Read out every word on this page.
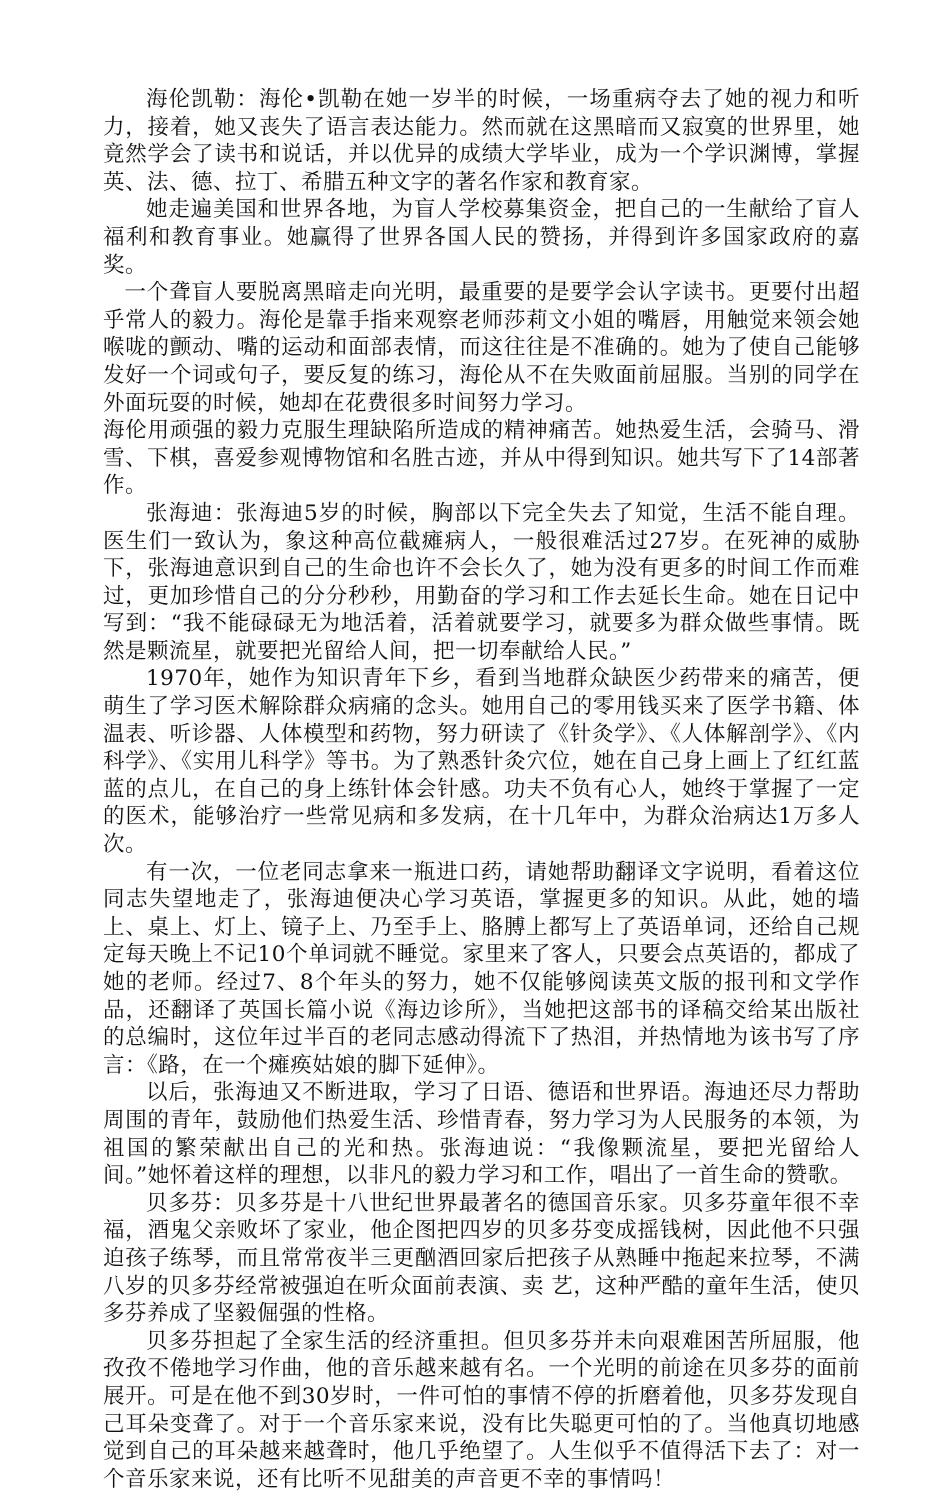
海伦凯勒：海伦•凯勒在她一岁半的时候，一场重病夺去了她的视力和听力，接着，她又丧失了语言表达能力。然而就在这黑暗而又寂寞的世界里，她竟然学会了读书和说话，并以优异的成绩大学毕业，成为一个学识渊博，掌握英、法、德、拉丁、希腊五种文字的著名作家和教育家。

她走遍美国和世界各地，为盲人学校募集资金，把自己的一生献给了盲人福利和教育事业。她赢得了世界各国人民的赞扬，并得到许多国家政府的嘉奖。

一个聋盲人要脱离黑暗走向光明，最重要的是要学会认字读书。更要付出超乎常人的毅力。海伦是靠手指来观察老师莎莉文小姐的嘴唇，用触觉来领会她喉咙的颤动、嘴的运动和面部表情，而这往往是不准确的。她为了使自己能够发好一个词或句子，要反复的练习，海伦从不在失败面前屈服。当别的同学在外面玩耍的时候，她却在花费很多时间努力学习。

海伦用顽强的毅力克服生理缺陷所造成的精神痛苦。她热爱生活，会骑马、滑雪、下棋，喜爱参观博物馆和名胜古迹，并从中得到知识。她共写下了14部著作。

张海迪：张海迪5岁的时候，胸部以下完全失去了知觉，生活不能自理。医生们一致认为，象这种高位截瘫病人，一般很难活过27岁。在死神的威胁下，张海迪意识到自己的生命也许不会长久了，她为没有更多的时间工作而难过，更加珍惜自己的分分秒秒，用勤奋的学习和工作去延长生命。她在日记中写到：“我不能碌碌无为地活着，活着就要学习，就要多为群众做些事情。既然是颗流星，就要把光留给人间，把一切奉献给人民。”

1970年，她作为知识青年下乡，看到当地群众缺医少药带来的痛苦，便萌生了学习医术解除群众病痛的念头。她用自己的零用钱买来了医学书籍、体温表、听诊器、人体模型和药物，努力研读了《针灸学》、《人体解剖学》、《内科学》、《实用儿科学》等书。为了熟悉针灸穴位，她在自己身上画上了红红蓝蓝的点儿，在自己的身上练针体会针感。功夫不负有心人，她终于掌握了一定的医术，能够治疗一些常见病和多发病，在十几年中，为群众治病达1万多人次。

有一次，一位老同志拿来一瓶进口药，请她帮助翻译文字说明，看着这位同志失望地走了，张海迪便决心学习英语，掌握更多的知识。从此，她的墙上、桌上、灯上、镜子上、乃至手上、胳膊上都写上了英语单词，还给自己规定每天晚上不记10个单词就不睡觉。家里来了客人，只要会点英语的，都成了她的老师。经过7、8个年头的努力，她不仅能够阅读英文版的报刊和文学作品，还翻译了英国长篇小说《海边诊所》，当她把这部书的译稿交给某出版社的总编时，这位年过半百的老同志感动得流下了热泪，并热情地为该书写了序言：《路，在一个瘫痪姑娘的脚下延伸》。

以后，张海迪又不断进取，学习了日语、德语和世界语。海迪还尽力帮助周围的青年，鼓励他们热爱生活、珍惜青春，努力学习为人民服务的本领，为祖国的繁荣献出自己的光和热。张海迪说：“我像颗流星，要把光留给人间。”她怀着这样的理想，以非凡的毅力学习和工作，唱出了一首生命的赞歌。

贝多芬：贝多芬是十八世纪世界最著名的德国音乐家。贝多芬童年很不幸福，酒鬼父亲败坏了家业，他企图把四岁的贝多芬变成摇钱树，因此他不只强迫孩子练琴，而且常常夜半三更酗酒回家后把孩子从熟睡中拖起来拉琴，不满八岁的贝多芬经常被强迫在听众面前表演、卖 艺，这种严酷的童年生活，使贝多芬养成了坚毅倔强的性格。

贝多芬担起了全家生活的经济重担。但贝多芬并未向艰难困苦所屈服，他孜孜不倦地学习作曲，他的音乐越来越有名。一个光明的前途在贝多芬的面前展开。可是在他不到30岁时，一件可怕的事情不停的折磨着他，贝多芬发现自己耳朵变聋了。对于一个音乐家来说，没有比失聪更可怕的了。当他真切地感觉到自己的耳朵越来越聋时，他几乎绝望了。人生似乎不值得活下去了：对一个音乐家来说，还有比听不见甜美的声音更不幸的事情吗！
